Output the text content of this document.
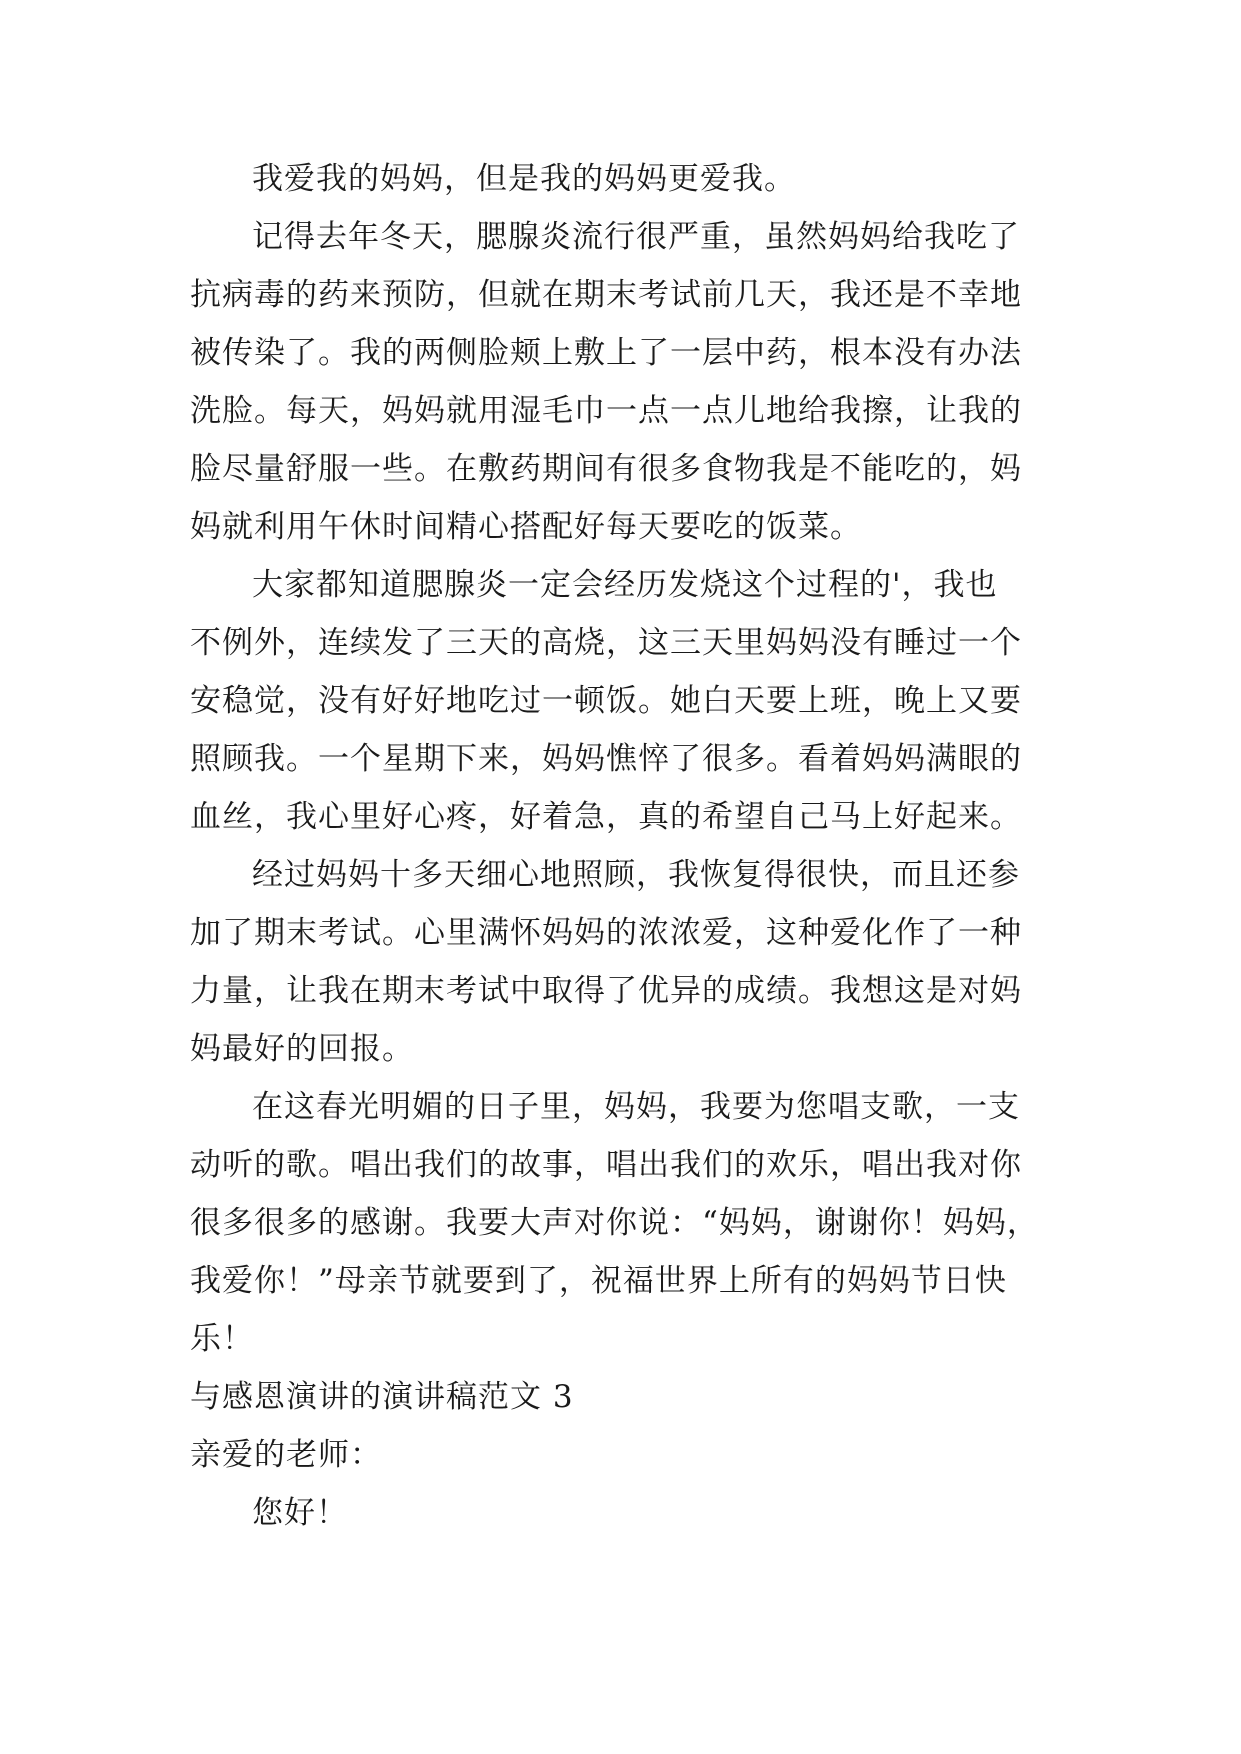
我爱我的妈妈，但是我的妈妈更爱我。
记得去年冬天，腮腺炎流行很严重，虽然妈妈给我吃了
抗病毒的药来预防，但就在期末考试前几天，我还是不幸地
被传染了。我的两侧脸颊上敷上了一层中药，根本没有办法
洗脸。每天，妈妈就用湿毛巾一点一点儿地给我擦，让我的
脸尽量舒服一些。在敷药期间有很多食物我是不能吃的，妈
妈就利用午休时间精心搭配好每天要吃的饭菜。
大家都知道腮腺炎一定会经历发烧这个过程的'，我也
不例外，连续发了三天的高烧，这三天里妈妈没有睡过一个
安稳觉，没有好好地吃过一顿饭。她白天要上班，晚上又要
照顾我。一个星期下来，妈妈憔悴了很多。看着妈妈满眼的
血丝，我心里好心疼，好着急，真的希望自己马上好起来。
经过妈妈十多天细心地照顾，我恢复得很快，而且还参
加了期末考试。心里满怀妈妈的浓浓爱，这种爱化作了一种
力量，让我在期末考试中取得了优异的成绩。我想这是对妈
妈最好的回报。
在这春光明媚的日子里，妈妈，我要为您唱支歌，一支
动听的歌。唱出我们的故事，唱出我们的欢乐，唱出我对你
很多很多的感谢。我要大声对你说：“妈妈，谢谢你！妈妈，
我爱你！”母亲节就要到了，祝福世界上所有的妈妈节日快
乐！
与感恩演讲的演讲稿范文 3
亲爱的老师：
您好！
